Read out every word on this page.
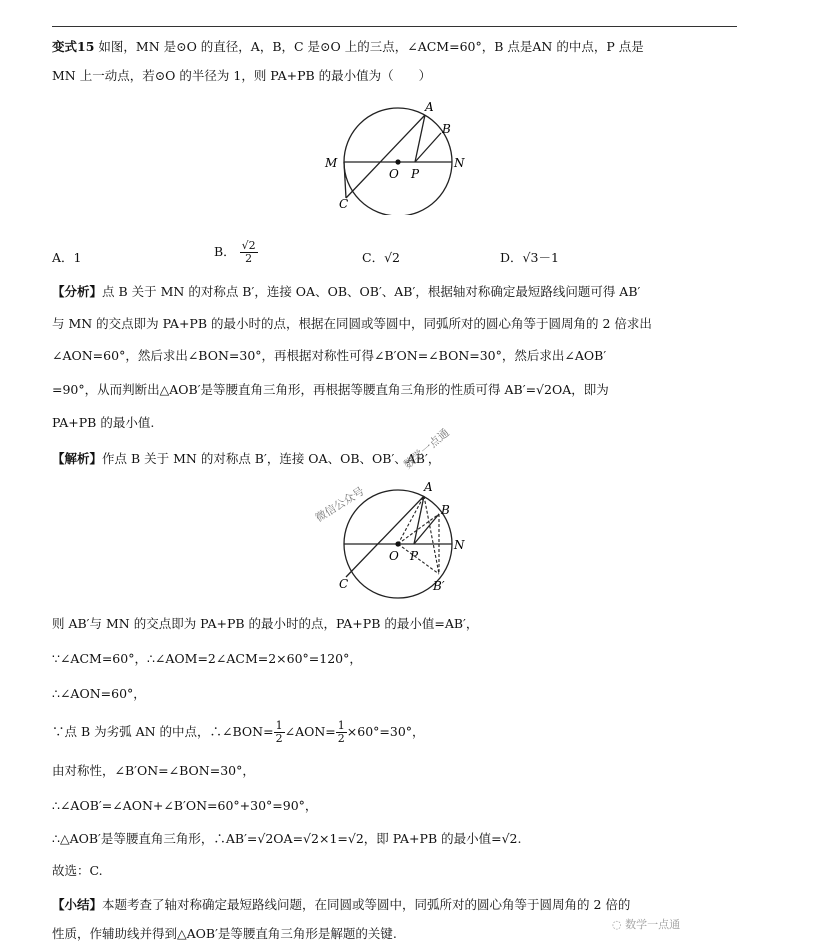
变式15 如图，MN 是⊙O 的直径，A，B，C 是⊙O 上的三点，∠ACM=60°，B 点是AN 的中点，P 点是
MN 上一动点，若⊙O 的半径为 1，则 PA+PB 的最小值为（　　）
A
B
M	N
O P
C
A．1	B． $\frac{√2}{2}$	C．√2	D．√3－1
【分析】点 B 关于 MN 的对称点 B′，连接 OA、OB、OB′、AB′，根据轴对称确定最短路线问题可得 AB′
与 MN 的交点即为 PA+PB 的最小时的点，根据在同圆或等圆中，同弧所对的圆心角等于圆周角的 2 倍求出
∠AON=60°，然后求出∠BON=30°，再根据对称性可得∠B′ON=∠BON=30°，然后求出∠AOB′
=90°，从而判断出△AOB′是等腰直角三角形，再根据等腰直角三角形的性质可得 AB′=√2OA，即为
PA+PB 的最小值.
【解析】作点 B 关于 MN 的对称点 B′，连接 OA、OB、OB′、AB′，
A
B
N
O P
C	B′
微信公众号
数学一点通
则 AB′与 MN 的交点即为 PA+PB 的最小时的点，PA+PB 的最小值=AB′，
∵∠ACM=60°，∴∠AOM=2∠ACM=2×60°=120°，
∴∠AON=60°，
∵点 B 为劣弧 AN 的中点，∴∠BON= $\frac{1}{2}$ ∠AON= $\frac{1}{2} \times 60^\circ=30^\circ$，
由对称性，∠B′ON=∠BON=30°，
∴∠AOB′=∠AON+∠B′ON=60°+30°=90°，
∴△AOB′是等腰直角三角形，∴AB′=√2OA=√2×1=√2，即 PA+PB 的最小值=√2.
故选：C.
【小结】本题考查了轴对称确定最短路线问题，在同圆或等圆中，同弧所对的圆心角等于圆周角的 2 倍的
性质，作辅助线并得到△AOB′是等腰直角三角形是解题的关键.
◌ 数学一点通
